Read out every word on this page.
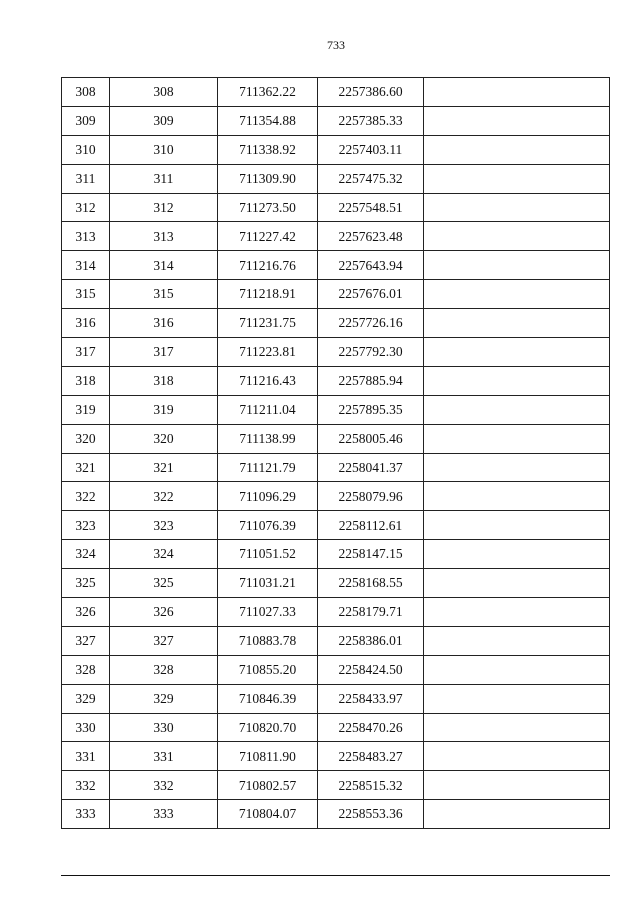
733
308	308	711362.22	2257386.60	
309	309	711354.88	2257385.33	
310	310	711338.92	2257403.11	
311	311	711309.90	2257475.32	
312	312	711273.50	2257548.51	
313	313	711227.42	2257623.48	
314	314	711216.76	2257643.94	
315	315	711218.91	2257676.01	
316	316	711231.75	2257726.16	
317	317	711223.81	2257792.30	
318	318	711216.43	2257885.94	
319	319	711211.04	2257895.35	
320	320	711138.99	2258005.46	
321	321	711121.79	2258041.37	
322	322	711096.29	2258079.96	
323	323	711076.39	2258112.61	
324	324	711051.52	2258147.15	
325	325	711031.21	2258168.55	
326	326	711027.33	2258179.71	
327	327	710883.78	2258386.01	
328	328	710855.20	2258424.50	
329	329	710846.39	2258433.97	
330	330	710820.70	2258470.26	
331	331	710811.90	2258483.27	
332	332	710802.57	2258515.32	
333	333	710804.07	2258553.36	
